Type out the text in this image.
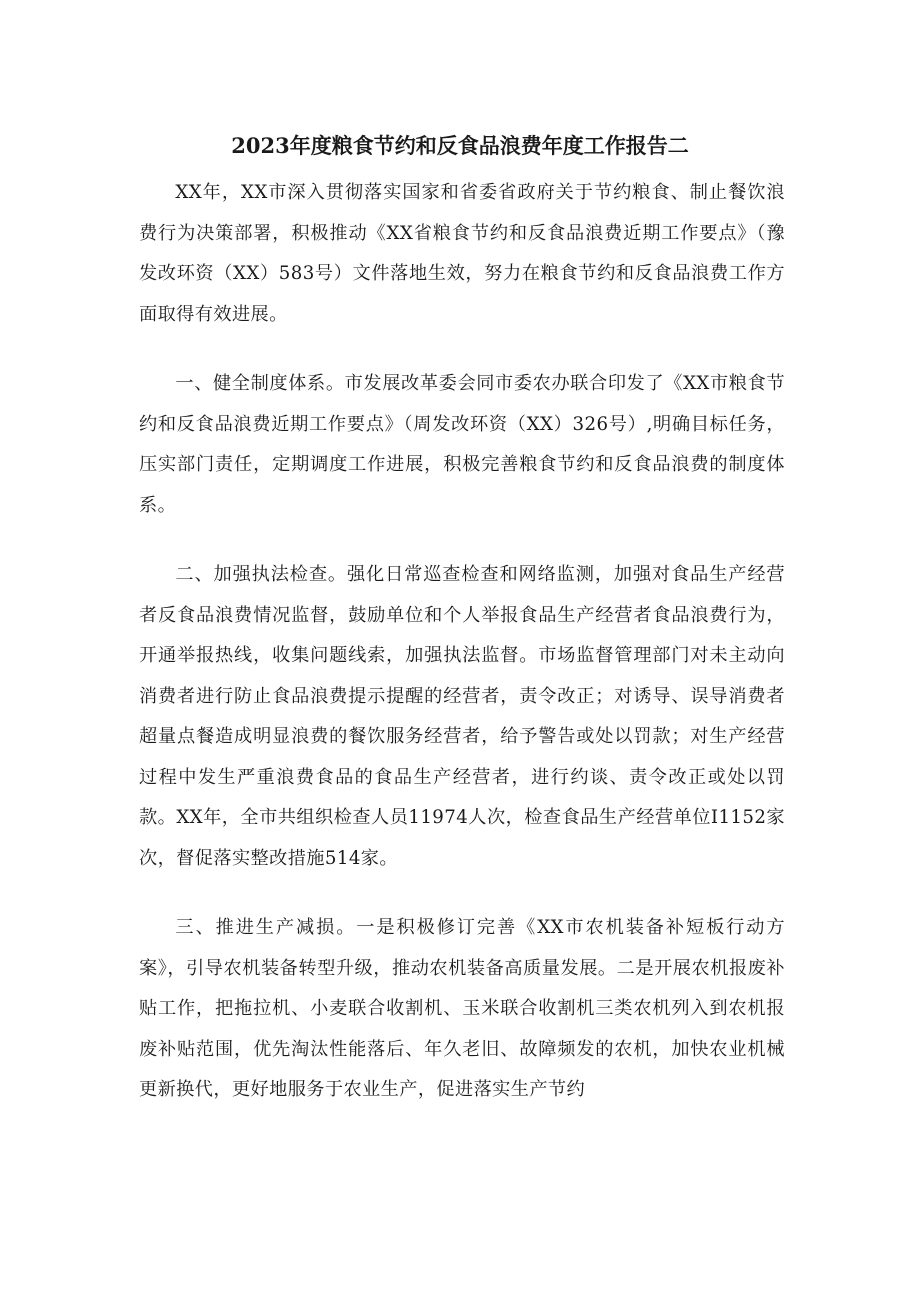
2023年度粮食节约和反食品浪费年度工作报告二

XX年，XX市深入贯彻落实国家和省委省政府关于节约粮食、制止餐饮浪费行为决策部署，积极推动《XX省粮食节约和反食品浪费近期工作要点》（豫发改环资（XX）583号）文件落地生效，努力在粮食节约和反食品浪费工作方面取得有效进展。

一、健全制度体系。市发展改革委会同市委农办联合印发了《XX市粮食节约和反食品浪费近期工作要点》（周发改环资（XX）326号）,明确目标任务，压实部门责任，定期调度工作进展，积极完善粮食节约和反食品浪费的制度体系。

二、加强执法检查。强化日常巡查检查和网络监测，加强对食品生产经营者反食品浪费情况监督，鼓励单位和个人举报食品生产经营者食品浪费行为，开通举报热线，收集问题线索，加强执法监督。市场监督管理部门对未主动向消费者进行防止食品浪费提示提醒的经营者，责令改正；对诱导、误导消费者超量点餐造成明显浪费的餐饮服务经营者，给予警告或处以罚款；对生产经营过程中发生严重浪费食品的食品生产经营者，进行约谈、责令改正或处以罚款。XX年，全市共组织检查人员11974人次，检查食品生产经营单位I1152家次，督促落实整改措施514家。

三、推进生产减损。一是积极修订完善《XX市农机装备补短板行动方案》，引导农机装备转型升级，推动农机装备高质量发展。二是开展农机报废补贴工作，把拖拉机、小麦联合收割机、玉米联合收割机三类农机列入到农机报废补贴范围，优先淘汰性能落后、年久老旧、故障频发的农机，加快农业机械更新换代，更好地服务于农业生产，促进落实生产节约
